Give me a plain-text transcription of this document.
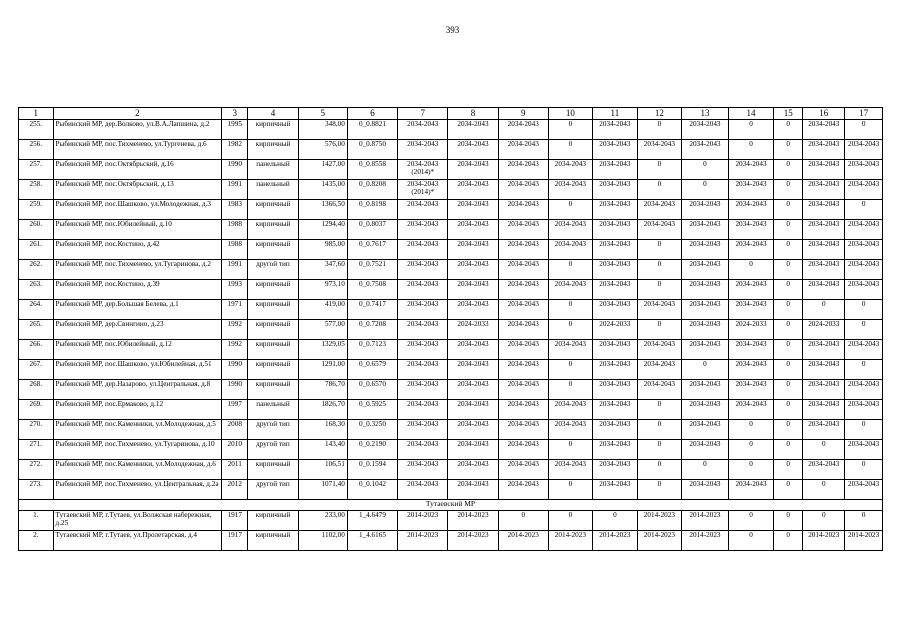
393
1	2	3	4	5	6	7	8	9	10	11	12	13	14	15	16	17
255.	Рыбинский МР, дер.Волково, ул.В.А.Лапшина, д.2	1995	кирпичный	348,00	0_0.8821	2034-2043	2034-2043	2034-2043	0	2034-2043	0	2034-2043	0	0	2034-2043	0
256.	Рыбинский МР, пос.Тихменево, ул.Тургенева, д.6	1982	кирпичный	576,00	0_0.8750	2034-2043	2034-2043	2034-2043	0	2034-2043	2034-2043	2034-2043	0	0	2034-2043	2034-2043
257.	Рыбинский МР, пос.Октябрьский, д.16	1990	панельный	1427,00	0_0.8558	2034-2043 (2014)*	2034-2043	2034-2043	2034-2043	2034-2043	0	0	2034-2043	0	2034-2043	2034-2043
258.	Рыбинский МР, пос.Октябрьский, д.13	1991	панельный	1435,00	0_0.8208	2034-2043 (2014)*	2034-2043	2034-2043	2034-2043	2034-2043	0	0	2034-2043	0	2034-2043	2034-2043
259.	Рыбинский МР, пос.Шашково, ул.Молодежная, д.3	1983	кирпичный	1366,50	0_0.8198	2034-2043	2034-2043	2034-2043	0	2034-2043	2034-2043	2034-2043	2034-2043	0	2034-2043	0
260.	Рыбинский МР, пос.Юбилейный, д.10	1988	кирпичный	1294,40	0_0.8037	2034-2043	2034-2043	2034-2043	2034-2043	2034-2043	2034-2043	2034-2043	2034-2043	0	2034-2043	2034-2043
261.	Рыбинский МР, пос.Костино, д.42	1988	кирпичный	985,00	0_0.7617	2034-2043	2034-2043	2034-2043	2034-2043	2034-2043	0	2034-2043	2034-2043	0	2034-2043	2034-2043
262.	Рыбинский МР, пос.Тихменево, ул.Тугаринова, д.2	1991	другой тип	347,60	0_0.7521	2034-2043	2034-2043	2034-2043	0	2034-2043	0	2034-2043	0	0	2034-2043	2034-2043
263.	Рыбинский МР, пос.Костино, д.39	1993	кирпичный	973,10	0_0.7508	2034-2043	2034-2043	2034-2043	2034-2043	2034-2043	0	2034-2043	2034-2043	0	2034-2043	2034-2043
264.	Рыбинский МР, дер.Большая Белева, д.1	1971	кирпичный	419,00	0_0.7417	2034-2043	2034-2043	2034-2043	0	2034-2043	2034-2043	2034-2043	2034-2043	0	0	0
265.	Рыбинский МР, дер.Свингино, д.23	1992	кирпичный	577,00	0_0.7208	2034-2043	2024-2033	2034-2043	0	2024-2033	0	2034-2043	2024-2033	0	2024-2033	0
266.	Рыбинский МР, пос.Юбилейный, д.12	1992	кирпичный	1329,05	0_0.7123	2034-2043	2034-2043	2034-2043	2034-2043	2034-2043	2034-2043	2034-2043	2034-2043	0	2034-2043	2034-2043
267.	Рыбинский МР, пос.Шашково, ул.Юбилейная, д.51	1990	кирпичный	1291,00	0_0.6579	2034-2043	2034-2043	2034-2043	0	2034-2043	2034-2043	0	2034-2043	0	2034-2043	0
268.	Рыбинский МР, дер.Назарово, ул.Центральная, д.8	1990	кирпичный	786,70	0_0.6570	2034-2043	2034-2043	2034-2043	0	2034-2043	2034-2043	2034-2043	2034-2043	0	2034-2043	2034-2043
269.	Рыбинский МР, пос.Ермаково, д.12	1997	панельный	1826,70	0_0.5925	2034-2043	2034-2043	2034-2043	2034-2043	2034-2043	0	2034-2043	2034-2043	0	2034-2043	2034-2043
270.	Рыбинский МР, пос.Каменники, ул.Молодежная, д.5	2008	другой тип	168,30	0_0.3250	2034-2043	2034-2043	2034-2043	2034-2043	2034-2043	0	2034-2043	0	0	2034-2043	0
271.	Рыбинский МР, пос.Тихменево, ул.Тугаринова, д.10	2010	другой тип	143,40	0_0.2190	2034-2043	2034-2043	2034-2043	0	2034-2043	0	2034-2043	0	0	0	2034-2043
272.	Рыбинский МР, пос.Каменники, ул.Молодежная, д.6	2011	кирпичный	106,51	0_0.1594	2034-2043	2034-2043	2034-2043	2034-2043	2034-2043	0	0	0	0	2034-2043	0
273.	Рыбинский МР, пос.Тихменево, ул.Центральная, д.2а	2012	другой тип	1071,40	0_0.1042	2034-2043	2034-2043	2034-2043	0	2034-2043	0	2034-2043	2034-2043	0	0	2034-2043
Тутаевский МР																
1.	Тутаевский МР, г.Тутаев, ул.Волжская набережная, д.25	1917	кирпичный	233,00	1_4.6479	2014-2023	2014-2023	0	0	0	2014-2023	2014-2023	0	0	0	0
2.	Тутаевский МР, г.Тутаев, ул.Пролетарская, д.4	1917	кирпичный	1102,00	1_4.6165	2014-2023	2014-2023	2014-2023	2014-2023	2014-2023	2014-2023	2014-2023	0	0	2014-2023	2014-2023
